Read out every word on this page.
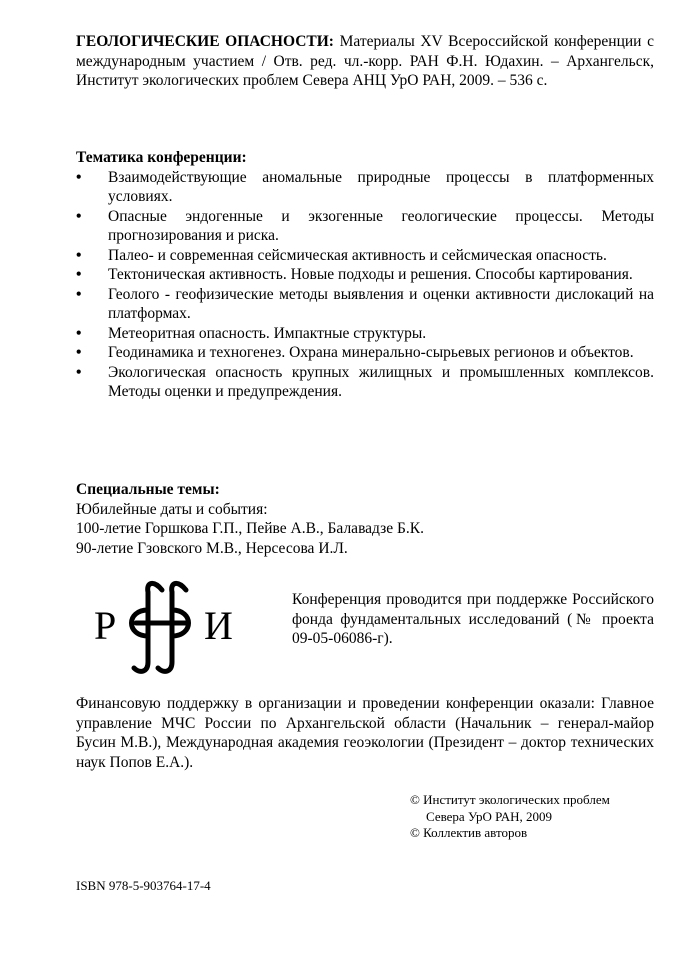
ГЕОЛОГИЧЕСКИЕ ОПАСНОСТИ: Материалы XV Всероссийской конференции с международным участием / Отв. ред. чл.-корр. РАН Ф.Н. Юдахин. – Архангельск, Институт экологических проблем Севера АНЦ УрО РАН, 2009. – 536 с.
Тематика конференции:
• Взаимодействующие аномальные природные процессы в платформенных условиях.
• Опасные эндогенные и экзогенные геологические процессы. Методы прогнозирования и риска.
• Палео- и современная сейсмическая активность и сейсмическая опасность.
• Тектоническая активность. Новые подходы и решения. Способы картирования.
• Геолого - геофизические методы выявления и оценки активности дислокаций на платформах.
• Метеоритная опасность. Импактные структуры.
• Геодинамика и техногенез. Охрана минерально-сырьевых регионов и объектов.
• Экологическая опасность крупных жилищных и промышленных комплексов. Методы оценки и предупреждения.
Специальные темы:
Юбилейные даты и события:
100-летие Горшкова Г.П., Пейве А.В., Балавадзе Б.К.
90-летие Гзовского М.В., Нерсесова И.Л.
Р И
Конференция проводится при поддержке Российского фонда фундаментальных исследований (№ проекта 09-05-06086-г).
Финансовую поддержку в организации и проведении конференции оказали: Главное управление МЧС России по Архангельской области (Начальник – генерал-майор Бусин М.В.), Международная академия геоэкологии (Президент – доктор технических наук Попов Е.А.).
© Институт экологических проблем
Севера УрО РАН, 2009
© Коллектив авторов
ISBN 978-5-903764-17-4
